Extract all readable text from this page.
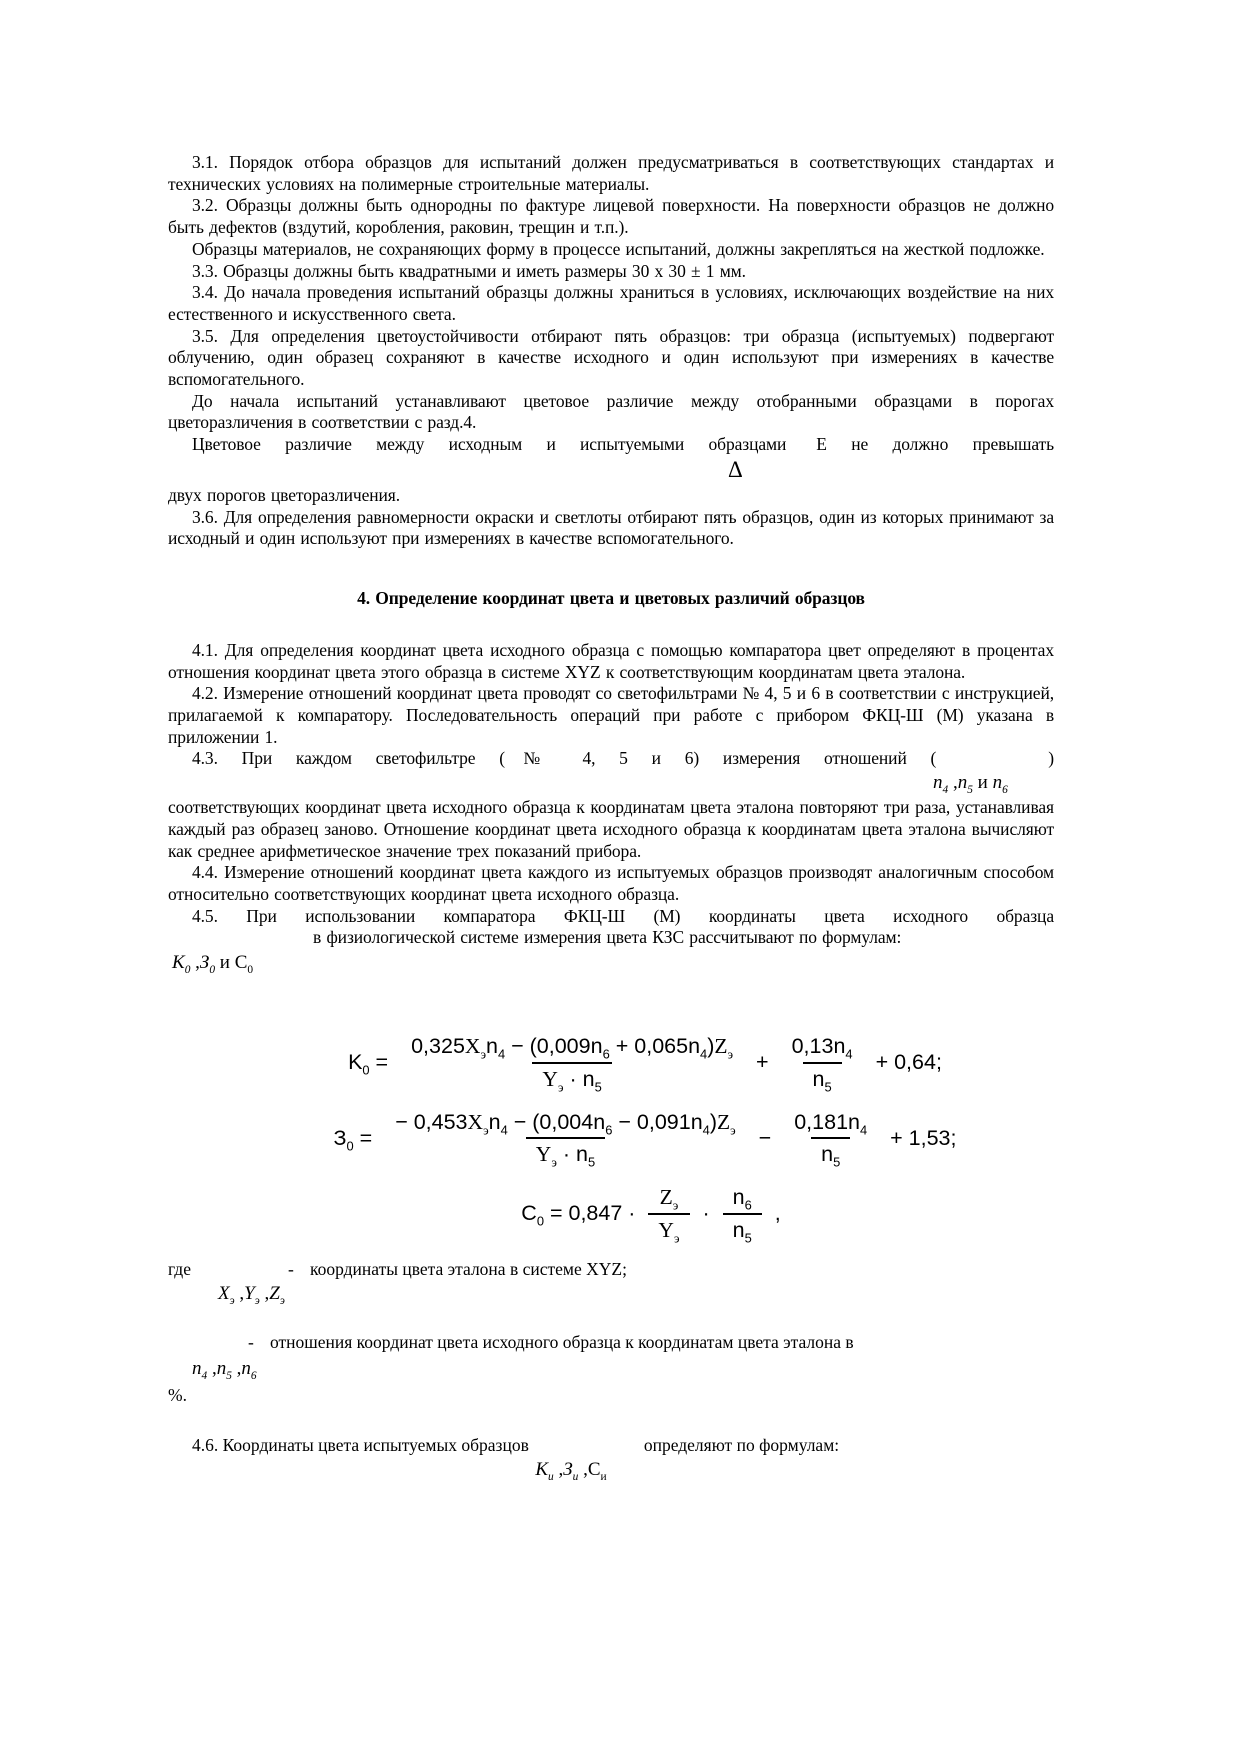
3.1. Порядок отбора образцов для испытаний должен предусматриваться в соответствующих стандартах и технических условиях на полимерные строительные материалы.

3.2. Образцы должны быть однородны по фактуре лицевой поверхности. На поверхности образцов не должно быть дефектов (вздутий, коробления, раковин, трещин и т.п.).

Образцы материалов, не сохраняющих форму в процессе испытаний, должны закрепляться на жесткой подложке.

3.3. Образцы должны быть квадратными и иметь размеры 30 х 30 ± 1 мм.

3.4. До начала проведения испытаний образцы должны храниться в условиях, исключающих воздействие на них естественного и искусственного света.

3.5. Для определения цветоустойчивости отбирают пять образцов: три образца (испытуемых) подвергают облучению, один образец сохраняют в качестве исходного и один используют при измерениях в качестве вспомогательного.

До начала испытаний устанавливают цветовое различие между отобранными образцами в порогах цветоразличения в соответствии с разд.4.

Цветовое различие между исходным и испытуемыми образцами Е не должно превышать

Δ

двух порогов цветоразличения.

3.6. Для определения равномерности окраски и светлоты отбирают пять образцов, один из которых принимают за исходный и один используют при измерениях в качестве вспомогательного.

4. Определение координат цвета и цветовых различий образцов

4.1. Для определения координат цвета исходного образца с помощью компаратора цвет определяют в процентах отношения координат цвета этого образца в системе XYZ к соответствующим координатам цвета эталона.

4.2. Измерение отношений координат цвета проводят со светофильтрами № 4, 5 и 6 в соответствии с инструкцией, прилагаемой к компаратору. Последовательность операций при работе с прибором ФКЦ-Ш (М) указана в приложении 1.

4.3. При каждом светофильтре (№ 4, 5 и 6) измерения отношений (	)

$n_4$ $,n_5$ и $n_6$

соответствующих координат цвета исходного образца к координатам цвета эталона повторяют три раза, устанавливая каждый раз образец заново. Отношение координат цвета исходного образца к координатам цвета эталона вычисляют как среднее арифметическое значение трех показаний прибора.

4.4. Измерение отношений координат цвета каждого из испытуемых образцов производят аналогичным способом относительно соответствующих координат цвета исходного образца.

4.5. При использовании компаратора ФКЦ-Ш (М) координаты цвета исходного образца

в физиологической системе измерения цвета КЗС рассчитывают по формулам:

$K_0$ $,З_0$ и $С_0$
$K_0 = \frac{0,325X_эn_4 - (0,009n_6 + 0,065n_4)Z_э}{Y_э \cdot n_5} + \frac{0,13n_4}{n_5} + 0,64$;
$З_0 = \frac{- 0,453X_эn_4 - (0,004n_6 - 0,091n_4)Z_э}{Y_э \cdot n_5} - \frac{0,181n_4}{n_5} + 1,53$;
$С_0 = 0,847 \cdot \frac{Z_э}{Y_э} \cdot \frac{n_6}{n_5}$ ,
где	- координаты цвета эталона в системе XYZ;
$X_э$ $,Y_э$ $,Z_э$
- отношения координат цвета исходного образца к координатам цвета эталона в
$n_4$ $,n_5$ $,n_6$
%.
4.6. Координаты цвета испытуемых образцов	определяют по формулам:
$K_и$ $,З_и$ $,С_и$
